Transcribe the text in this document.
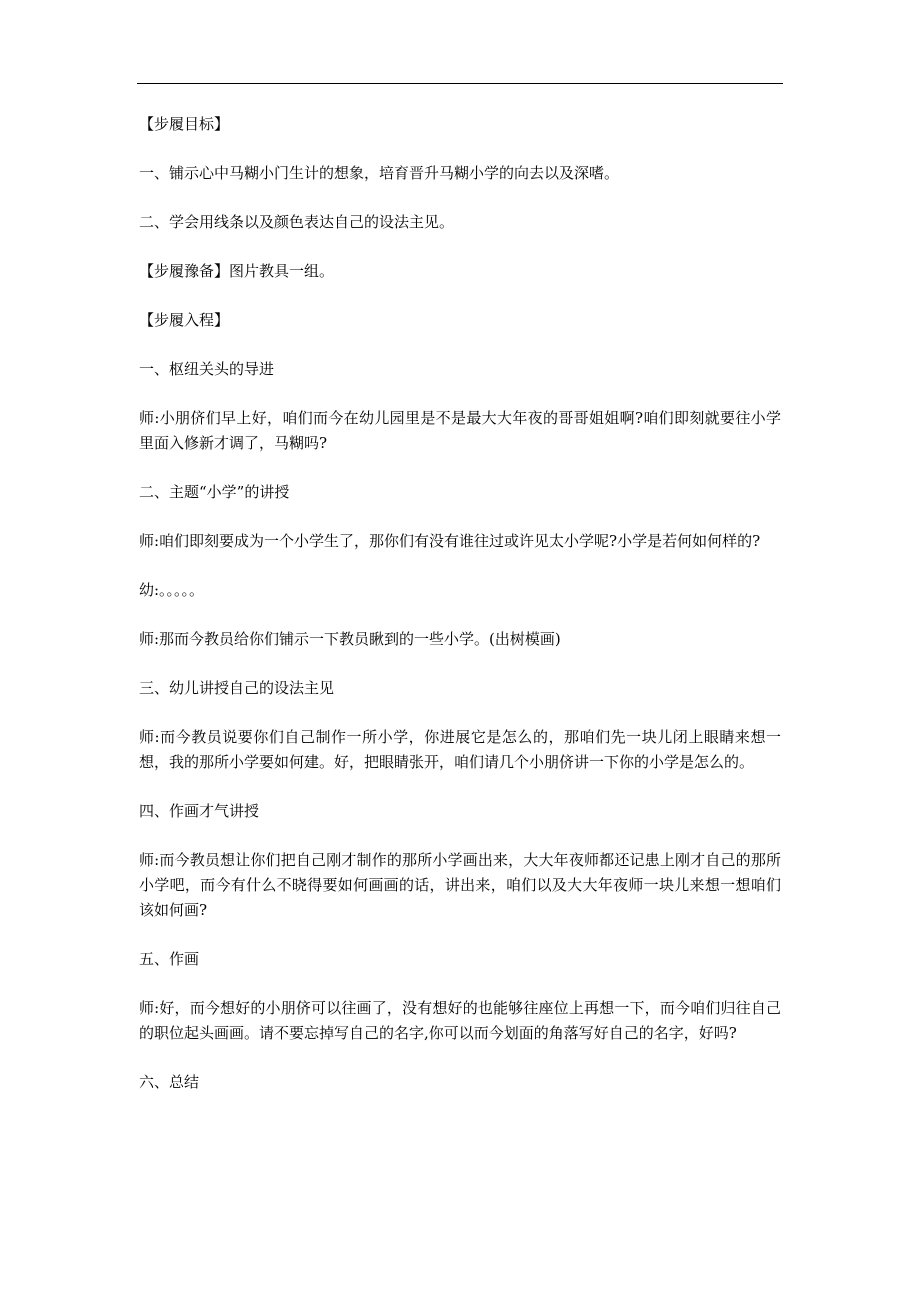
【步履目标】

一、铺示心中马糊小门生计的想象，培育晋升马糊小学的向去以及深嗜。

二、学会用线条以及颜色表达自己的设法主见。

【步履豫备】图片教具一组。

【步履入程】

一、枢纽关头的导进

师:小朋侪们早上好，咱们而今在幼儿园里是不是最大大年夜的哥哥姐姐啊?咱们即刻就要往小学里面入修新才调了，马糊吗?

二、主题“小学”的讲授

师:咱们即刻要成为一个小学生了，那你们有没有谁往过或许见太小学呢?小学是若何如何样的?

幼:。。。。。

师:那而今教员给你们铺示一下教员瞅到的一些小学。(出树模画)

三、幼儿讲授自己的设法主见

师:而今教员说要你们自己制作一所小学，你进展它是怎么的，那咱们先一块儿闭上眼睛来想一想，我的那所小学要如何建。好，把眼睛张开，咱们请几个小朋侪讲一下你的小学是怎么的。

四、作画才气讲授

师:而今教员想让你们把自己刚才制作的那所小学画出来，大大年夜师都还记患上刚才自己的那所小学吧，而今有什么不晓得要如何画画的话，讲出来，咱们以及大大年夜师一块儿来想一想咱们该如何画?

五、作画

师:好，而今想好的小朋侪可以往画了，没有想好的也能够往座位上再想一下，而今咱们归往自己的职位起头画画。请不要忘掉写自己的名字,你可以而今划面的角落写好自己的名字，好吗?

六、总结
